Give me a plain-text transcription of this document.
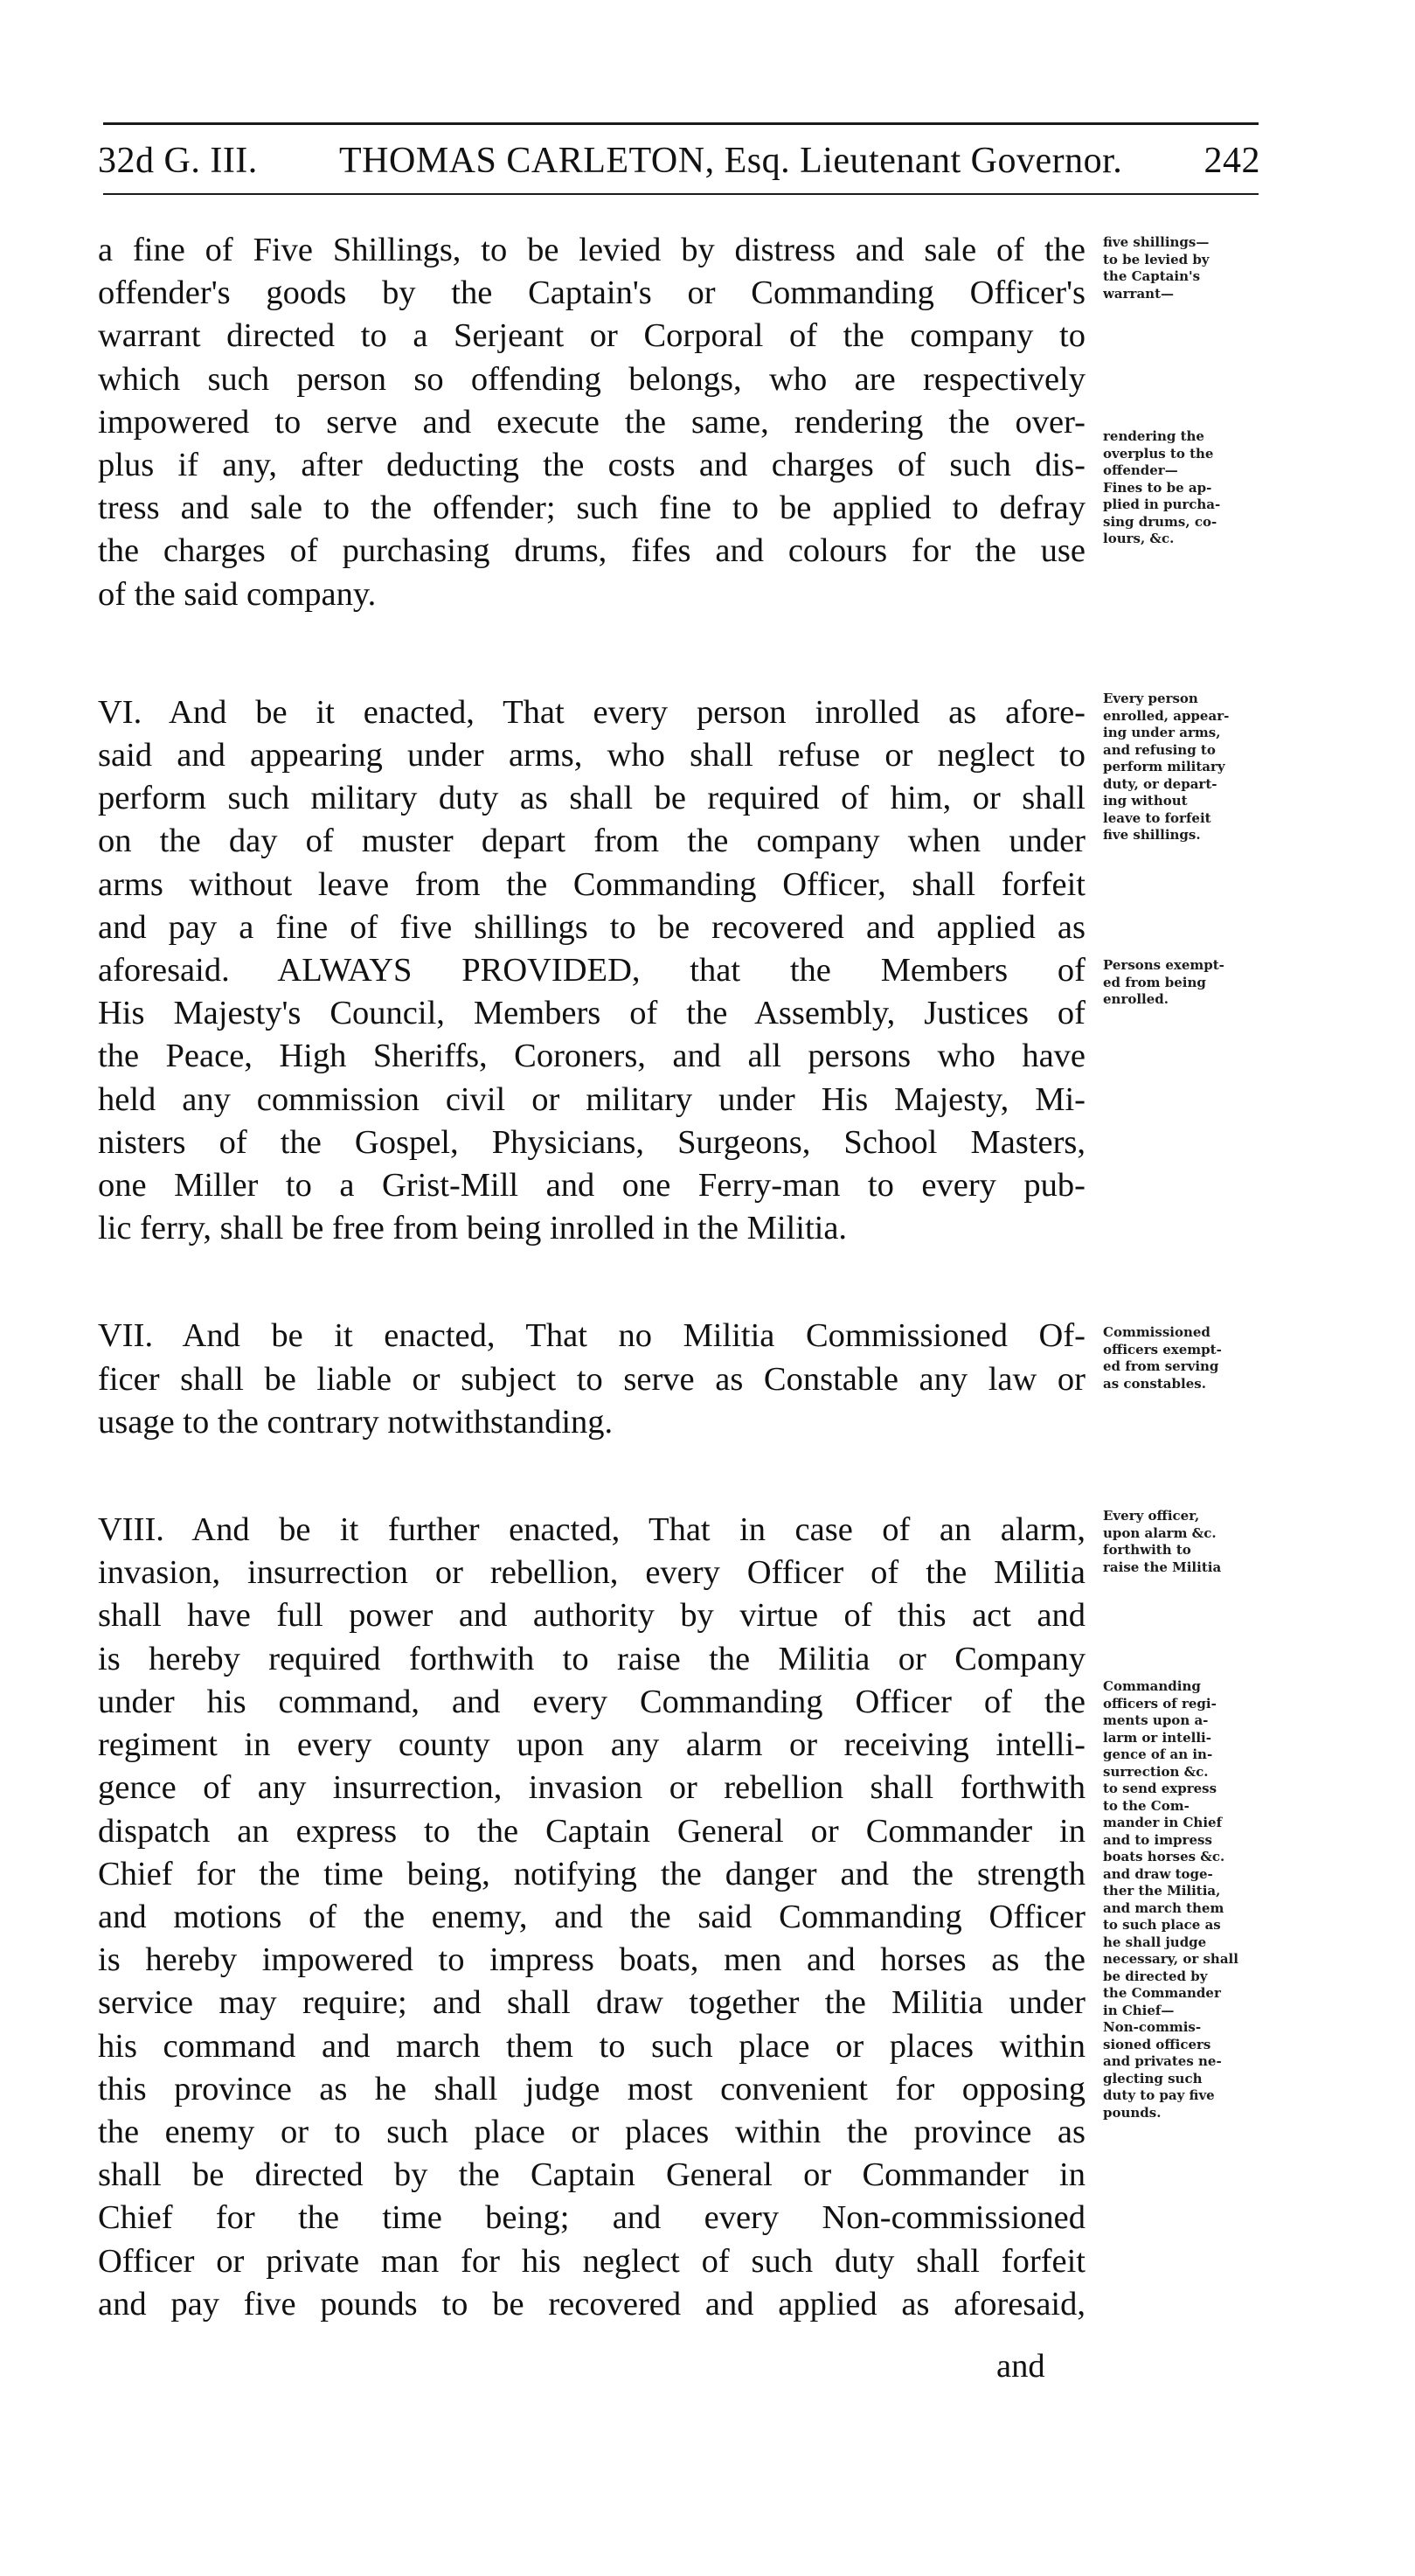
32d G. III. THOMAS CARLETON, Esq. Lieutenant Governor. 242
a fine of Five Shillings, to be levied by distress and sale of the
offender's goods by the Captain's or Commanding Officer's
warrant directed to a Serjeant or Corporal of the company to
which such person so offending belongs, who are respectively
impowered to serve and execute the same, rendering the over-
plus if any, after deducting the costs and charges of such dis-
tress and sale to the offender; such fine to be applied to defray
the charges of purchasing drums, fifes and colours for the use
of the said company.
VI. And be it enacted, That every person inrolled as afore-
said and appearing under arms, who shall refuse or neglect to
perform such military duty as shall be required of him, or shall
on the day of muster depart from the company when under
arms without leave from the Commanding Officer, shall forfeit
and pay a fine of five shillings to be recovered and applied as
aforesaid. ALWAYS PROVIDED, that the Members of
His Majesty's Council, Members of the Assembly, Justices of
the Peace, High Sheriffs, Coroners, and all persons who have
held any commission civil or military under His Majesty, Mi-
nisters of the Gospel, Physicians, Surgeons, School Masters,
one Miller to a Grist-Mill and one Ferry-man to every pub-
lic ferry, shall be free from being inrolled in the Militia.
VII. And be it enacted, That no Militia Commissioned Of-
ficer shall be liable or subject to serve as Constable any law or
usage to the contrary notwithstanding.
VIII. And be it further enacted, That in case of an alarm,
invasion, insurrection or rebellion, every Officer of the Militia
shall have full power and authority by virtue of this act and
is hereby required forthwith to raise the Militia or Company
under his command, and every Commanding Officer of the
regiment in every county upon any alarm or receiving intelli-
gence of any insurrection, invasion or rebellion shall forthwith
dispatch an express to the Captain General or Commander in
Chief for the time being, notifying the danger and the strength
and motions of the enemy, and the said Commanding Officer
is hereby impowered to impress boats, men and horses as the
service may require; and shall draw together the Militia under
his command and march them to such place or places within
this province as he shall judge most convenient for opposing
the enemy or to such place or places within the province as
shall be directed by the Captain General or Commander in
Chief for the time being; and every Non-commissioned
Officer or private man for his neglect of such duty shall forfeit
and pay five pounds to be recovered and applied as aforesaid,
and
five shillings—
to be levied by
the Captain's
warrant—
rendering the
overplus to the
offender—
Fines to be ap-
plied in purcha-
sing drums, co-
lours, &c.
Every person
enrolled, appear-
ing under arms,
and refusing to
perform military
duty, or depart-
ing without
leave to forfeit
five shillings.
Persons exempt-
ed from being
enrolled.
Commissioned
officers exempt-
ed from serving
as constables.
Every officer,
upon alarm &c.
forthwith to
raise the Militia
Commanding
officers of regi-
ments upon a-
larm or intelli-
gence of an in-
surrection &c.
to send express
to the Com-
mander in Chief
and to impress
boats horses &c.
and draw toge-
ther the Militia,
and march them
to such place as
he shall judge
necessary, or shall
be directed by
the Commander
in Chief—
Non-commis-
sioned officers
and privates ne-
glecting such
duty to pay five
pounds.
